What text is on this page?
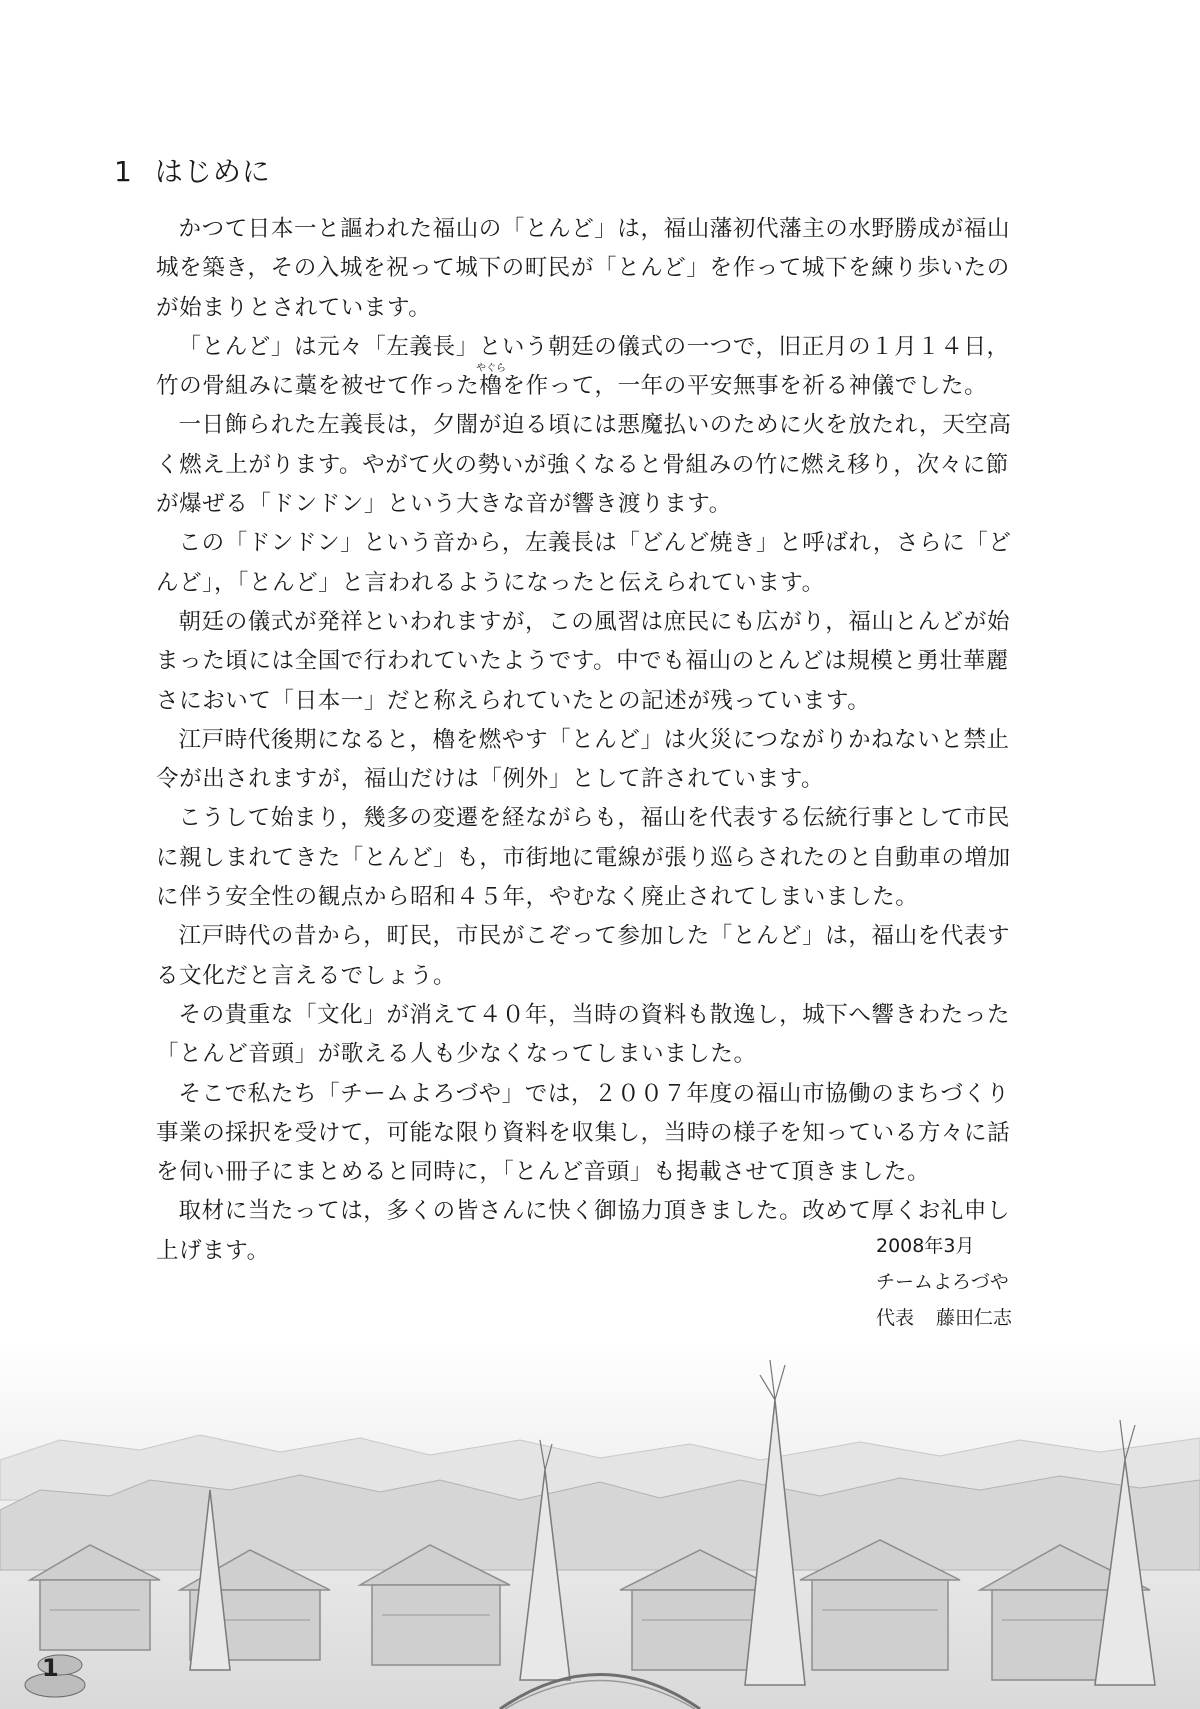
1 はじめに

かつて日本一と謳われた福山の「とんど」は，福山藩初代藩主の水野勝成が福山城を築き，その入城を祝って城下の町民が「とんど」を作って城下を練り歩いたのが始まりとされています。

「とんど」は元々「左義長」という朝廷の儀式の一つで，旧正月の１月１４日，竹の骨組みに藁を被せて作った櫓やぐらを作って，一年の平安無事を祈る神儀でした。

一日飾られた左義長は，夕闇が迫る頃には悪魔払いのために火を放たれ，天空高く燃え上がります。やがて火の勢いが強くなると骨組みの竹に燃え移り，次々に節が爆ぜる「ドンドン」という大きな音が響き渡ります。

この「ドンドン」という音から，左義長は「どんど焼き」と呼ばれ，さらに「どんど」，「とんど」と言われるようになったと伝えられています。

朝廷の儀式が発祥といわれますが，この風習は庶民にも広がり，福山とんどが始まった頃には全国で行われていたようです。中でも福山のとんどは規模と勇壮華麗さにおいて「日本一」だと称えられていたとの記述が残っています。

江戸時代後期になると，櫓を燃やす「とんど」は火災につながりかねないと禁止令が出されますが，福山だけは「例外」として許されています。

こうして始まり，幾多の変遷を経ながらも，福山を代表する伝統行事として市民に親しまれてきた「とんど」も，市街地に電線が張り巡らされたのと自動車の増加に伴う安全性の観点から昭和４５年，やむなく廃止されてしまいました。

江戸時代の昔から，町民，市民がこぞって参加した「とんど」は，福山を代表する文化だと言えるでしょう。

その貴重な「文化」が消えて４０年，当時の資料も散逸し，城下へ響きわたった「とんど音頭」が歌える人も少なくなってしまいました。

そこで私たち「チームよろづや」では，２００７年度の福山市協働のまちづくり事業の採択を受けて，可能な限り資料を収集し，当時の様子を知っている方々に話を伺い冊子にまとめると同時に，「とんど音頭」も掲載させて頂きました。

取材に当たっては，多くの皆さんに快く御協力頂きました。改めて厚くお礼申し上げます。	2008年3月
チームよろづや
代表 藤田仁志
1
